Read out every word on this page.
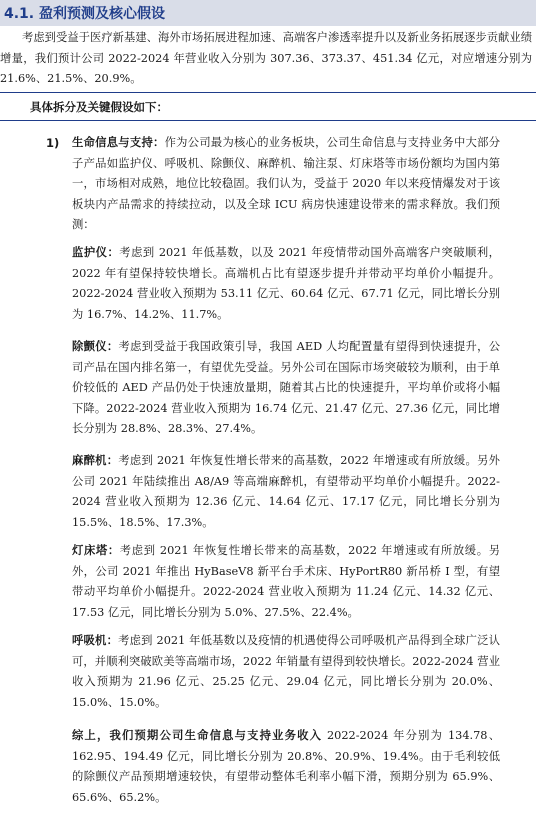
4.1. 盈利预测及核心假设
考虑到受益于医疗新基建、海外市场拓展进程加速、高端客户渗透率提升以及新业务拓展逐步贡献业绩增量，我们预计公司 2022-2024 年营业收入分别为 307.36、373.37、451.34 亿元，对应增速分别为 21.6%、21.5%、20.9%。
具体拆分及关键假设如下：
1) 生命信息与支持：作为公司最为核心的业务板块，公司生命信息与支持业务中大部分子产品如监护仪、呼吸机、除颤仪、麻醉机、输注泵、灯床塔等市场份额均为国内第一，市场相对成熟，地位比较稳固。我们认为，受益于 2020 年以来疫情爆发对于该板块内产品需求的持续拉动，以及全球 ICU 病房快速建设带来的需求释放。我们预测：
监护仪：考虑到 2021 年低基数，以及 2021 年疫情带动国外高端客户突破顺利，2022 年有望保持较快增长。高端机占比有望逐步提升并带动平均单价小幅提升。2022-2024 营业收入预期为 53.11 亿元、60.64 亿元、67.71 亿元，同比增长分别为 16.7%、14.2%、11.7%。
除颤仪：考虑到受益于我国政策引导，我国 AED 人均配置量有望得到快速提升，公司产品在国内排名第一，有望优先受益。另外公司在国际市场突破较为顺利，由于单价较低的 AED 产品仍处于快速放量期，随着其占比的快速提升，平均单价或将小幅下降。2022-2024 营业收入预期为 16.74 亿元、21.47 亿元、27.36 亿元，同比增长分别为 28.8%、28.3%、27.4%。
麻醉机：考虑到 2021 年恢复性增长带来的高基数，2022 年增速或有所放缓。另外公司 2021 年陆续推出 A8/A9 等高端麻醉机，有望带动平均单价小幅提升。2022-2024 营业收入预期为 12.36 亿元、14.64 亿元、17.17 亿元，同比增长分别为 15.5%、18.5%、17.3%。
灯床塔：考虑到 2021 年恢复性增长带来的高基数，2022 年增速或有所放缓。另外，公司 2021 年推出 HyBaseV8 新平台手术床、HyPortR80 新吊桥 I 型，有望带动平均单价小幅提升。2022-2024 营业收入预期为 11.24 亿元、14.32 亿元、17.53 亿元，同比增长分别为 5.0%、27.5%、22.4%。
呼吸机：考虑到 2021 年低基数以及疫情的机遇使得公司呼吸机产品得到全球广泛认可，并顺利突破欧美等高端市场，2022 年销量有望得到较快增长。2022-2024 营业收入预期为 21.96 亿元、25.25 亿元、29.04 亿元，同比增长分别为 20.0%、15.0%、15.0%。
综上，我们预期公司生命信息与支持业务收入 2022-2024 年分别为 134.78、162.95、194.49 亿元，同比增长分别为 20.8%、20.9%、19.4%。由于毛利较低的除颤仪产品预期增速较快，有望带动整体毛利率小幅下滑，预期分别为 65.9%、65.6%、65.2%。
